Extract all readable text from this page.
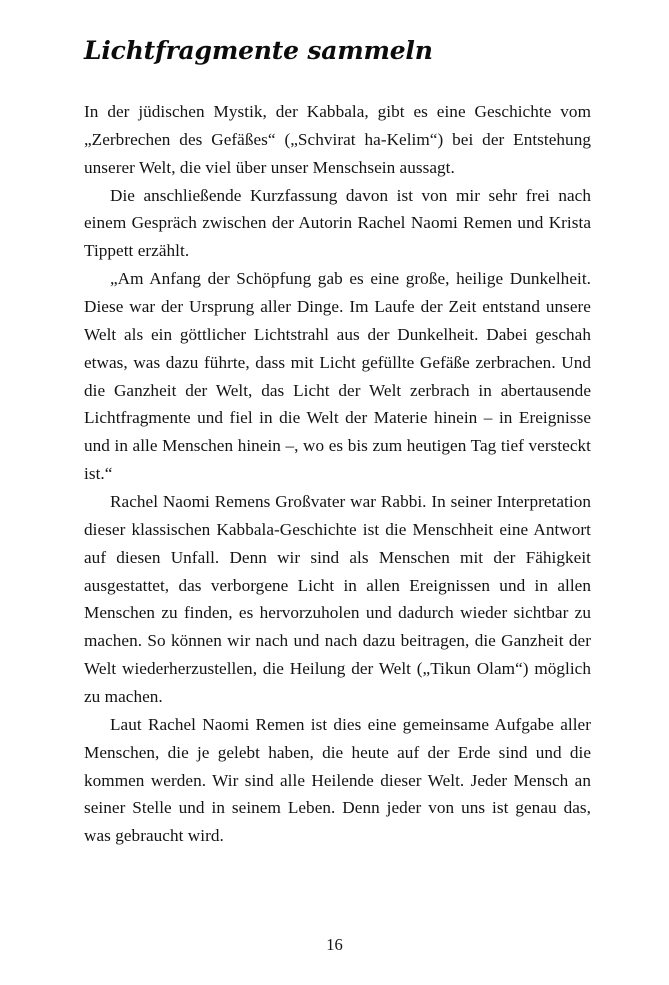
Lichtfragmente sammeln

In der jüdischen Mystik, der Kabbala, gibt es eine Geschichte vom „Zerbrechen des Gefäßes“ („Schvirat ha-Kelim“) bei der Entstehung unserer Welt, die viel über unser Menschsein aussagt.

Die anschließende Kurzfassung davon ist von mir sehr frei nach einem Gespräch zwischen der Autorin Rachel Naomi Remen und Krista Tippett erzählt.

„Am Anfang der Schöpfung gab es eine große, heilige Dunkelheit. Diese war der Ursprung aller Dinge. Im Laufe der Zeit entstand unsere Welt als ein göttlicher Lichtstrahl aus der Dunkelheit. Dabei geschah etwas, was dazu führte, dass mit Licht gefüllte Gefäße zerbrachen. Und die Ganzheit der Welt, das Licht der Welt zerbrach in abertausende Lichtfragmente und fiel in die Welt der Materie hinein – in Ereignisse und in alle Menschen hinein –, wo es bis zum heutigen Tag tief versteckt ist.“

Rachel Naomi Remens Großvater war Rabbi. In seiner Interpretation dieser klassischen Kabbala-Geschichte ist die Menschheit eine Antwort auf diesen Unfall. Denn wir sind als Menschen mit der Fähigkeit ausgestattet, das verborgene Licht in allen Ereignissen und in allen Menschen zu finden, es hervorzuholen und dadurch wieder sichtbar zu machen. So können wir nach und nach dazu beitragen, die Ganzheit der Welt wiederherzustellen, die Heilung der Welt („Tikun Olam“) möglich zu machen.

Laut Rachel Naomi Remen ist dies eine gemeinsame Aufgabe aller Menschen, die je gelebt haben, die heute auf der Erde sind und die kommen werden. Wir sind alle Heilende dieser Welt. Jeder Mensch an seiner Stelle und in seinem Leben. Denn jeder von uns ist genau das, was gebraucht wird.

16
